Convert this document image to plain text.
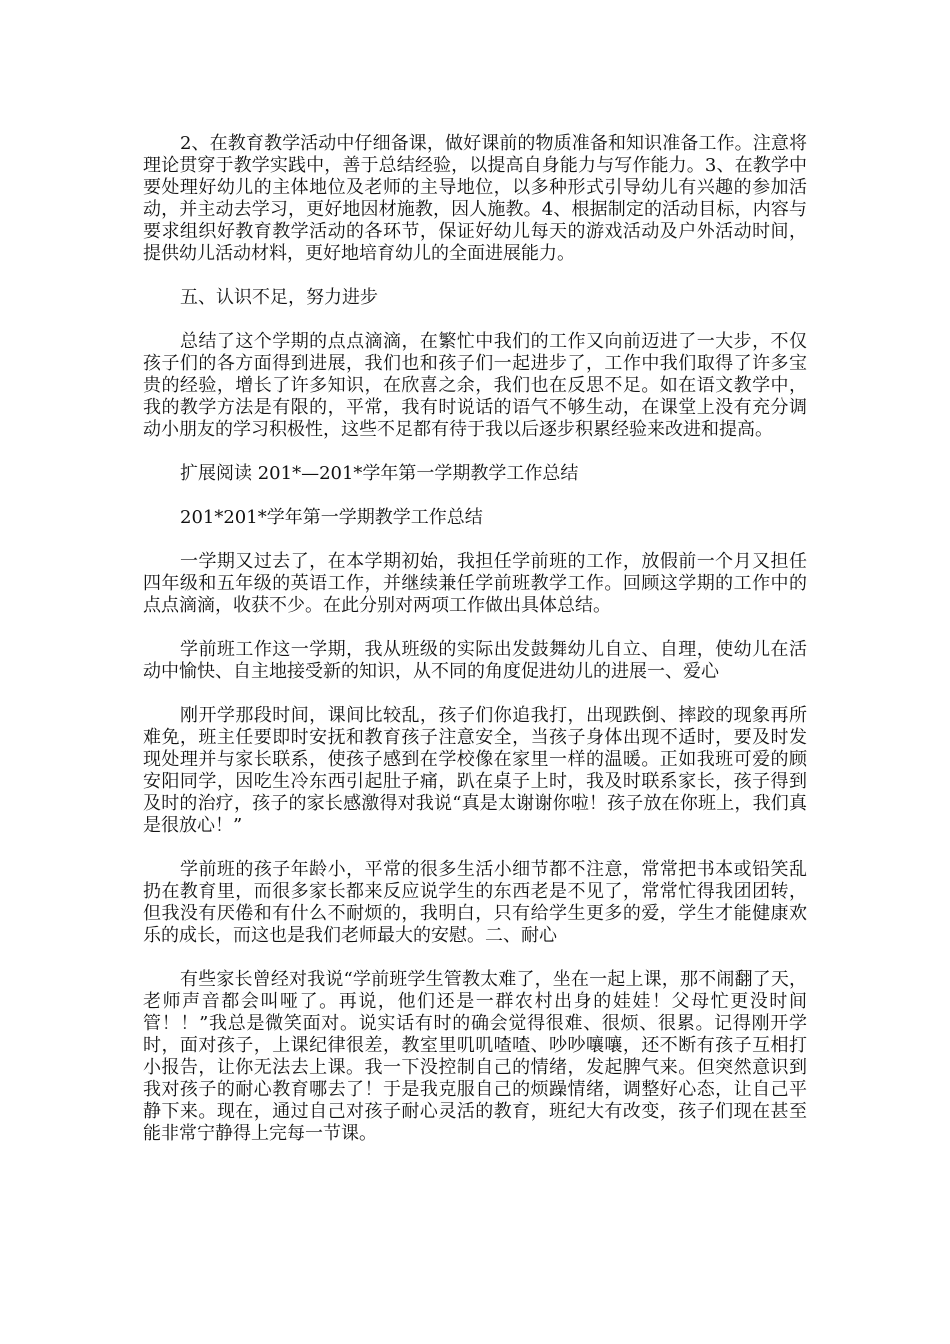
2、在教育教学活动中仔细备课，做好课前的物质准备和知识准备工作。注意将理论贯穿于教学实践中，善于总结经验，以提高自身能力与写作能力。3、在教学中要处理好幼儿的主体地位及老师的主导地位，以多种形式引导幼儿有兴趣的参加活动，并主动去学习，更好地因材施教，因人施教。4、根据制定的活动目标，内容与要求组织好教育教学活动的各环节，保证好幼儿每天的游戏活动及户外活动时间，提供幼儿活动材料，更好地培育幼儿的全面进展能力。

五、认识不足，努力进步

总结了这个学期的点点滴滴，在繁忙中我们的工作又向前迈进了一大步，不仅孩子们的各方面得到进展，我们也和孩子们一起进步了，工作中我们取得了许多宝贵的经验，增长了许多知识，在欣喜之余，我们也在反思不足。如在语文教学中，我的教学方法是有限的，平常，我有时说话的语气不够生动，在课堂上没有充分调动小朋友的学习积极性，这些不足都有待于我以后逐步积累经验来改进和提高。

扩展阅读 201*—201*学年第一学期教学工作总结

201*201*学年第一学期教学工作总结

一学期又过去了，在本学期初始，我担任学前班的工作，放假前一个月又担任四年级和五年级的英语工作，并继续兼任学前班教学工作。回顾这学期的工作中的点点滴滴，收获不少。在此分别对两项工作做出具体总结。

学前班工作这一学期，我从班级的实际出发鼓舞幼儿自立、自理，使幼儿在活动中愉快、自主地接受新的知识，从不同的角度促进幼儿的进展一、爱心

刚开学那段时间，课间比较乱，孩子们你追我打，出现跌倒、摔跤的现象再所难免，班主任要即时安抚和教育孩子注意安全，当孩子身体出现不适时，要及时发现处理并与家长联系，使孩子感到在学校像在家里一样的温暖。正如我班可爱的顾安阳同学，因吃生冷东西引起肚子痛，趴在桌子上时，我及时联系家长，孩子得到及时的治疗，孩子的家长感激得对我说“真是太谢谢你啦！孩子放在你班上，我们真是很放心！”

学前班的孩子年龄小，平常的很多生活小细节都不注意，常常把书本或铅笑乱扔在教育里，而很多家长都来反应说学生的东西老是不见了，常常忙得我团团转，但我没有厌倦和有什么不耐烦的，我明白，只有给学生更多的爱，学生才能健康欢乐的成长，而这也是我们老师最大的安慰。二、耐心

有些家长曾经对我说“学前班学生管教太难了，坐在一起上课，那不闹翻了天，老师声音都会叫哑了。再说，他们还是一群农村出身的娃娃！父母忙更没时间管！！”我总是微笑面对。说实话有时的确会觉得很难、很烦、很累。记得刚开学时，面对孩子，上课纪律很差，教室里叽叽喳喳、吵吵嚷嚷，还不断有孩子互相打小报告，让你无法去上课。我一下没控制自己的情绪，发起脾气来。但突然意识到我对孩子的耐心教育哪去了！于是我克服自己的烦躁情绪，调整好心态，让自己平静下来。现在，通过自己对孩子耐心灵活的教育，班纪大有改变，孩子们现在甚至能非常宁静得上完每一节课。
